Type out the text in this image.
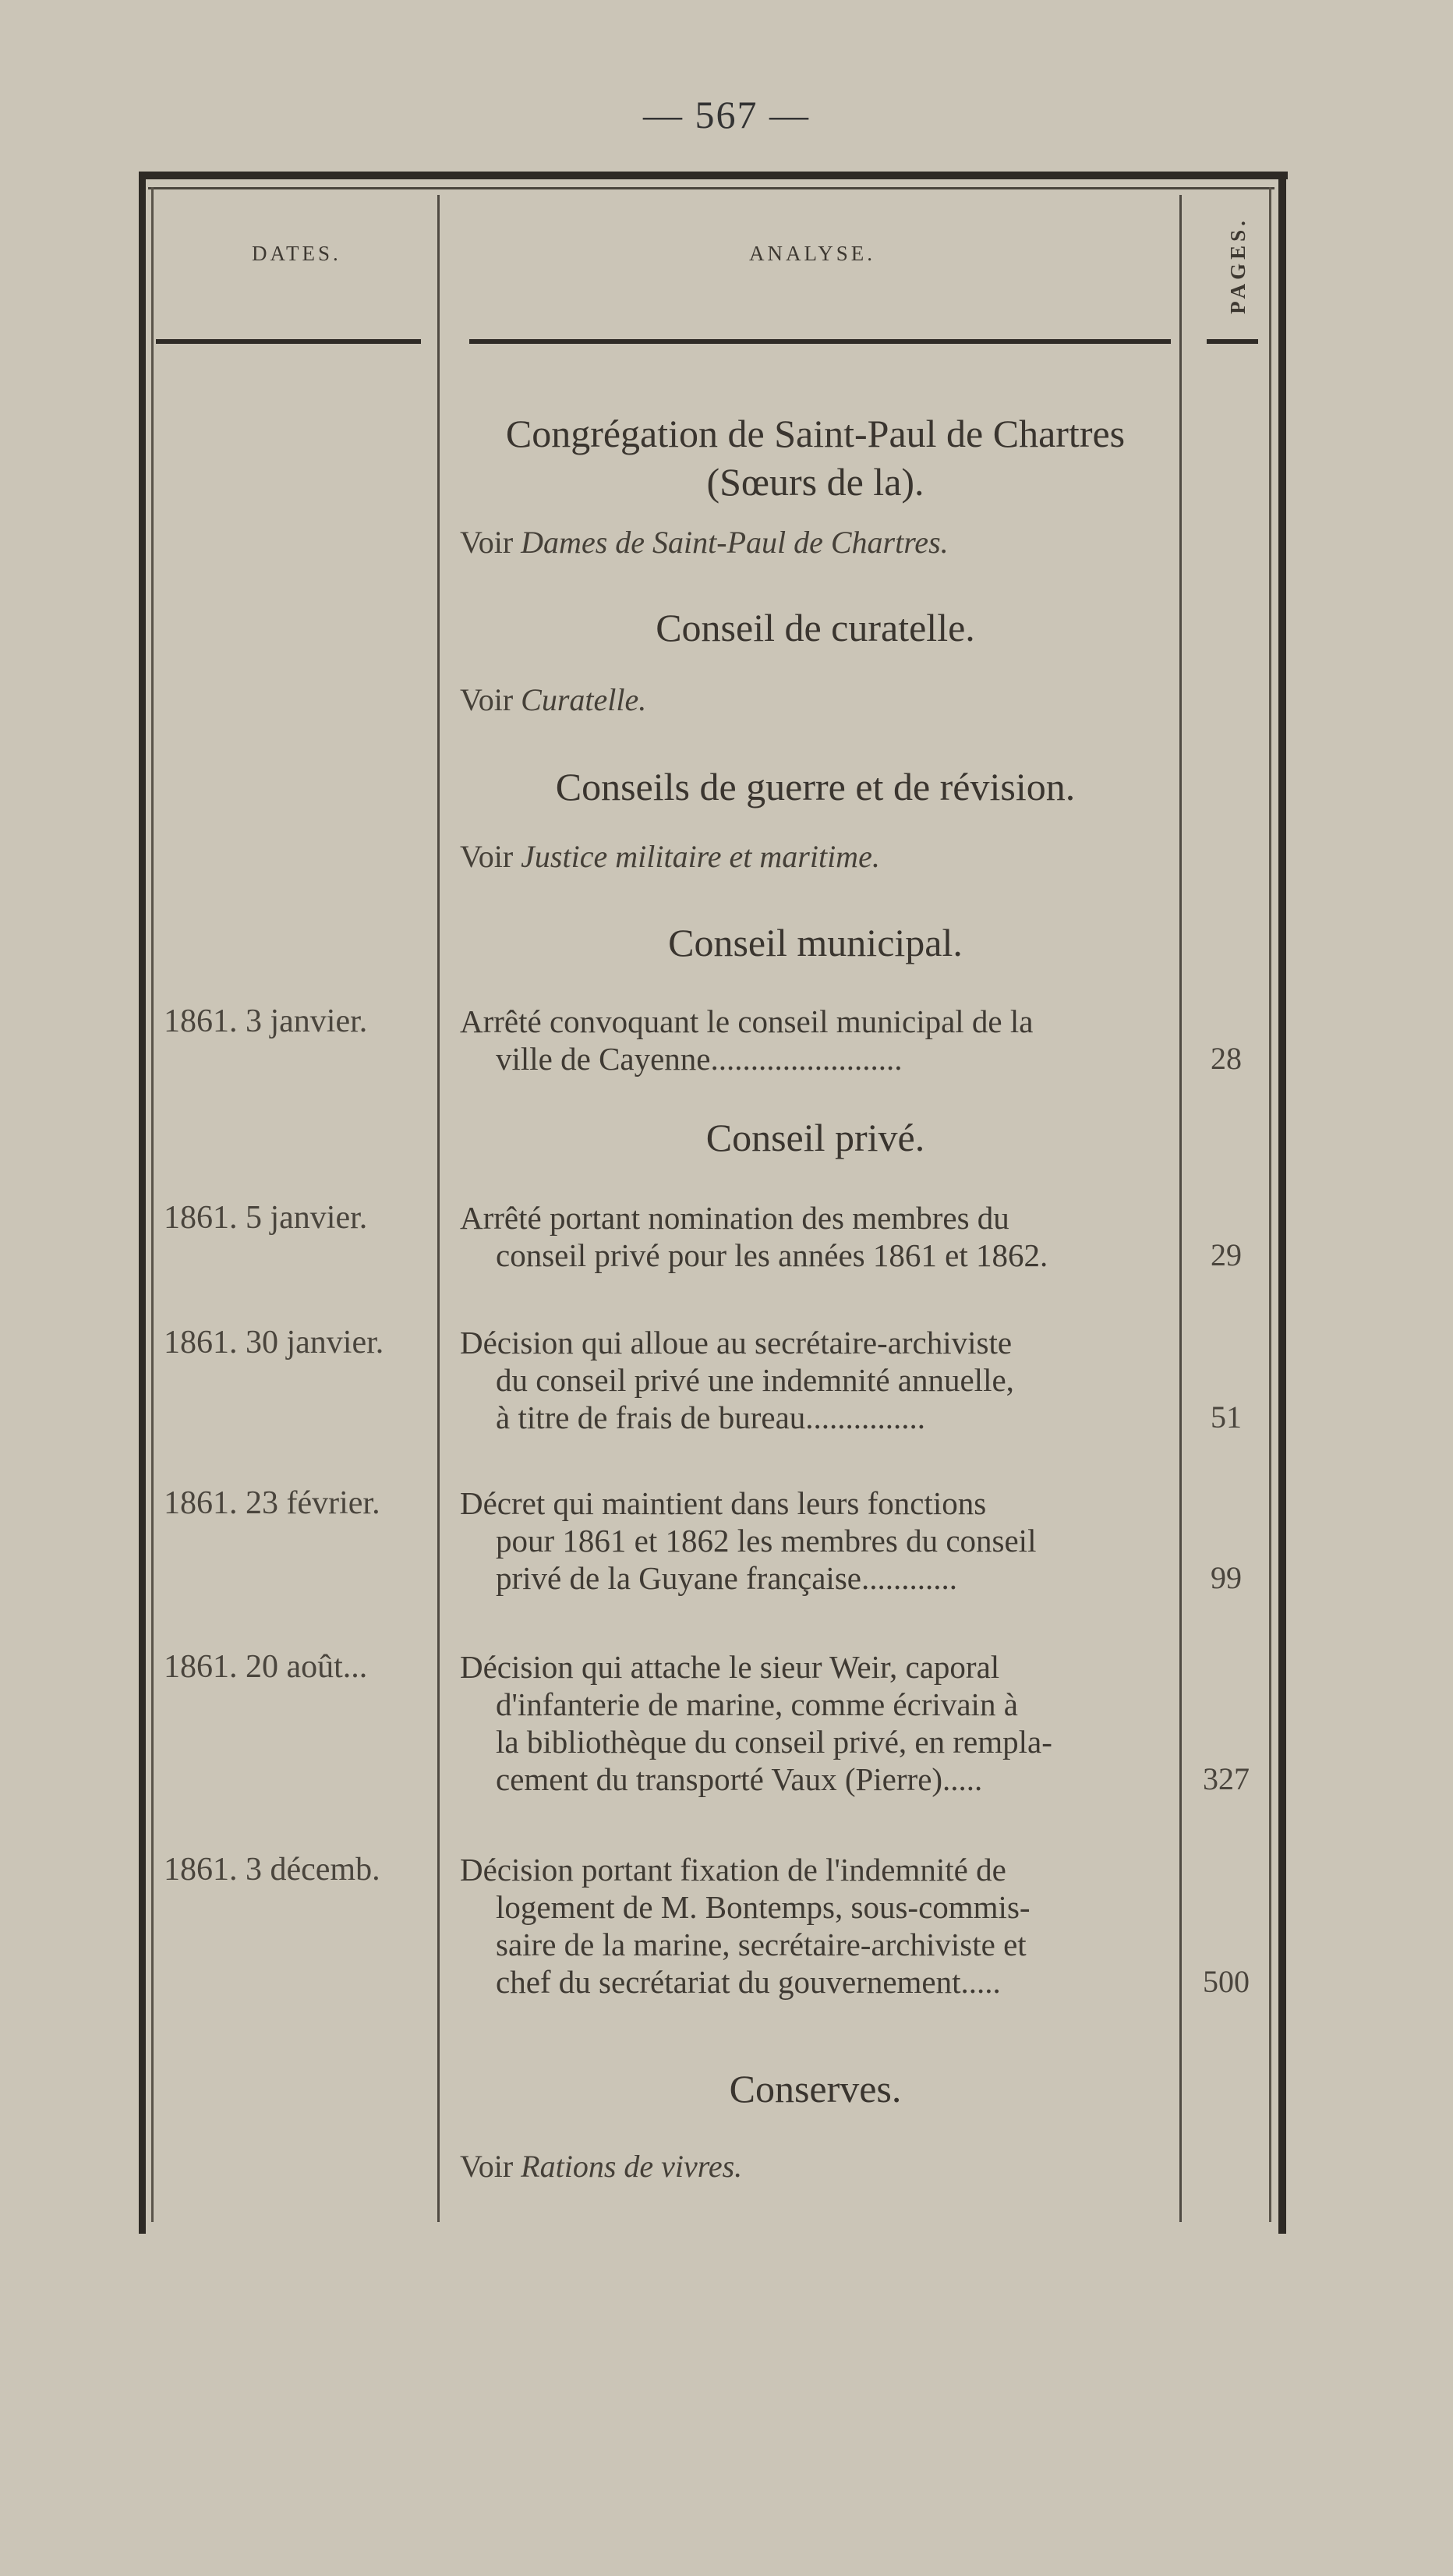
— 567 —
DATES.	ANALYSE.	PAGES.
Congrégation de Saint-Paul de Chartres
(Sœurs de la).
Voir Dames de Saint-Paul de Chartres.
Conseil de curatelle.
Voir Curatelle.
Conseils de guerre et de révision.
Voir Justice militaire et maritime.
Conseil municipal.
1861. 3 janvier.	Arrêté convoquant le conseil municipal de la
ville de Cayenne........................	28
Conseil privé.
1861. 5 janvier.	Arrêté portant nomination des membres du
conseil privé pour les années 1861 et 1862.	29
1861. 30 janvier.	Décision qui alloue au secrétaire-archiviste
du conseil privé une indemnité annuelle,
à titre de frais de bureau...............	51
1861. 23 février.	Décret qui maintient dans leurs fonctions
pour 1861 et 1862 les membres du conseil
privé de la Guyane française............	99
1861. 20 août...	Décision qui attache le sieur Weir, caporal
d'infanterie de marine, comme écrivain à
la bibliothèque du conseil privé, en rempla-
cement du transporté Vaux (Pierre).....	327
1861. 3 décemb.	Décision portant fixation de l'indemnité de
logement de M. Bontemps, sous-commis-
saire de la marine, secrétaire-archiviste et
chef du secrétariat du gouvernement.....	500
Conserves.
Voir Rations de vivres.
